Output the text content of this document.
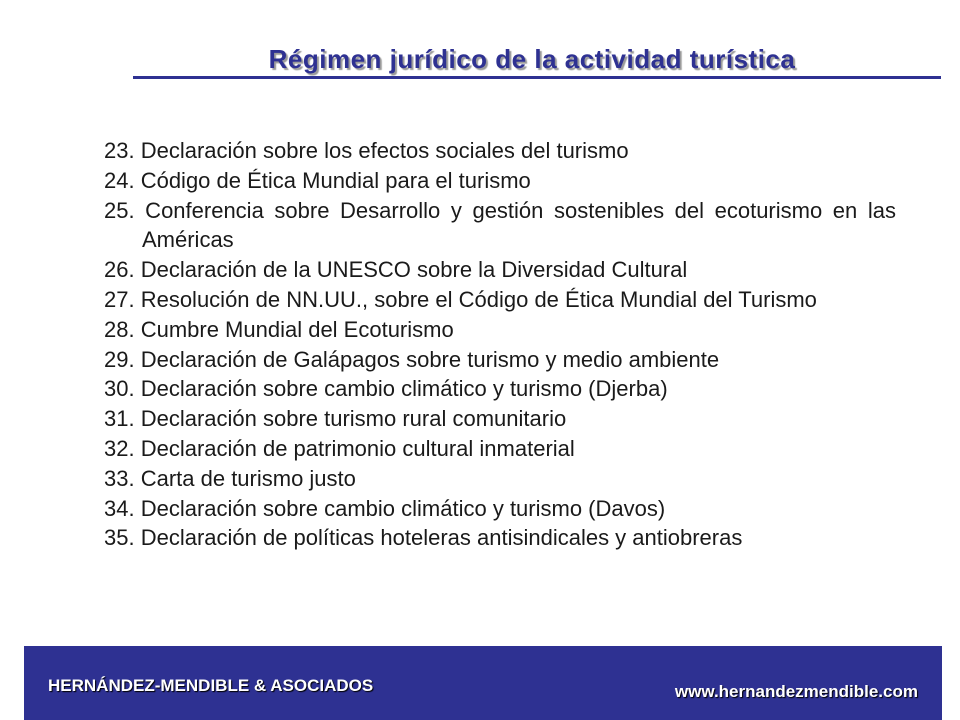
Régimen jurídico de la actividad turística
23. Declaración sobre los efectos sociales del turismo
24. Código de Ética Mundial para el turismo
25. Conferencia sobre Desarrollo y gestión sostenibles del ecoturismo en las Américas
26. Declaración de la UNESCO sobre la Diversidad Cultural
27. Resolución de NN.UU., sobre el Código de Ética Mundial del Turismo
28. Cumbre Mundial del Ecoturismo
29. Declaración de Galápagos sobre turismo y medio ambiente
30. Declaración sobre cambio climático y turismo (Djerba)
31. Declaración sobre turismo rural comunitario
32. Declaración de patrimonio cultural inmaterial
33. Carta de turismo justo
34. Declaración sobre cambio climático y turismo (Davos)
35. Declaración de políticas hoteleras antisindicales y antiobreras
HERNÁNDEZ-MENDIBLE & ASOCIADOS	www.hernandezmendible.com
